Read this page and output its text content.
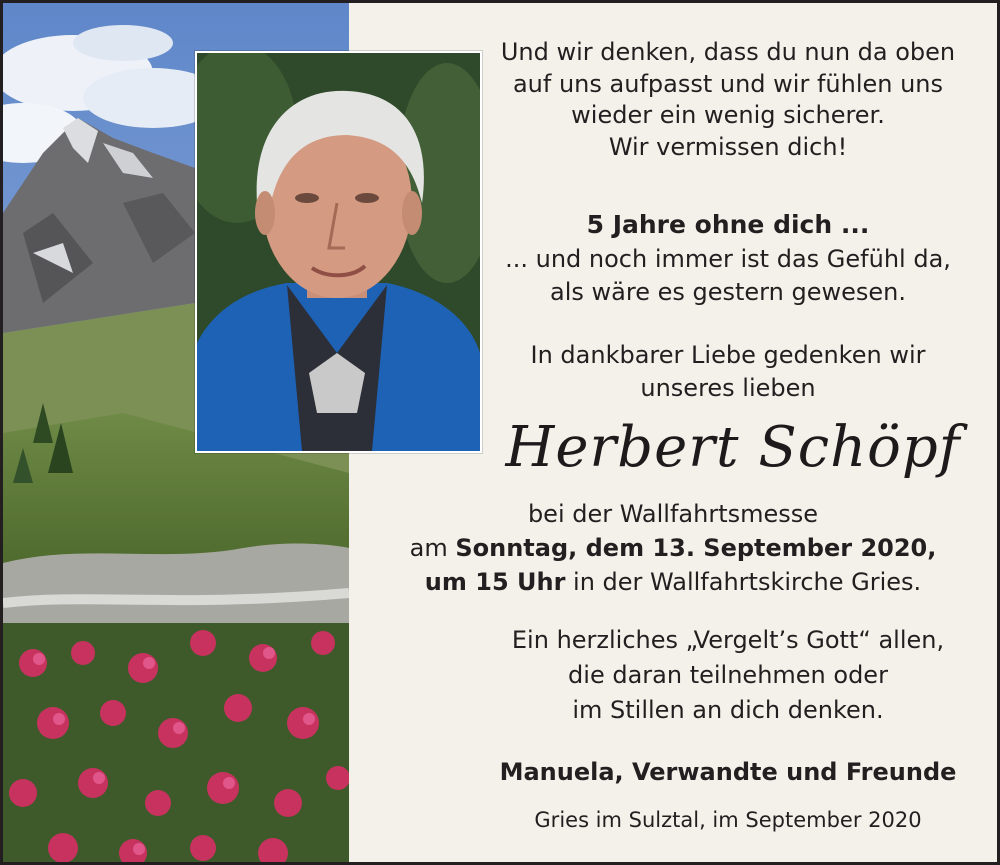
Und wir denken, dass du nun da oben
auf uns aufpasst und wir fühlen uns
wieder ein wenig sicherer.
Wir vermissen dich!
5 Jahre ohne dich ...
... und noch immer ist das Gefühl da,
als wäre es gestern gewesen.
In dankbarer Liebe gedenken wir
unseres lieben
Herbert Schöpf
bei der Wallfahrtsmesse
am Sonntag, dem 13. September 2020,
um 15 Uhr in der Wallfahrtskirche Gries.
Ein herzliches „Vergelt’s Gott“ allen,
die daran teilnehmen oder
im Stillen an dich denken.
Manuela, Verwandte und Freunde
Gries im Sulztal, im September 2020
